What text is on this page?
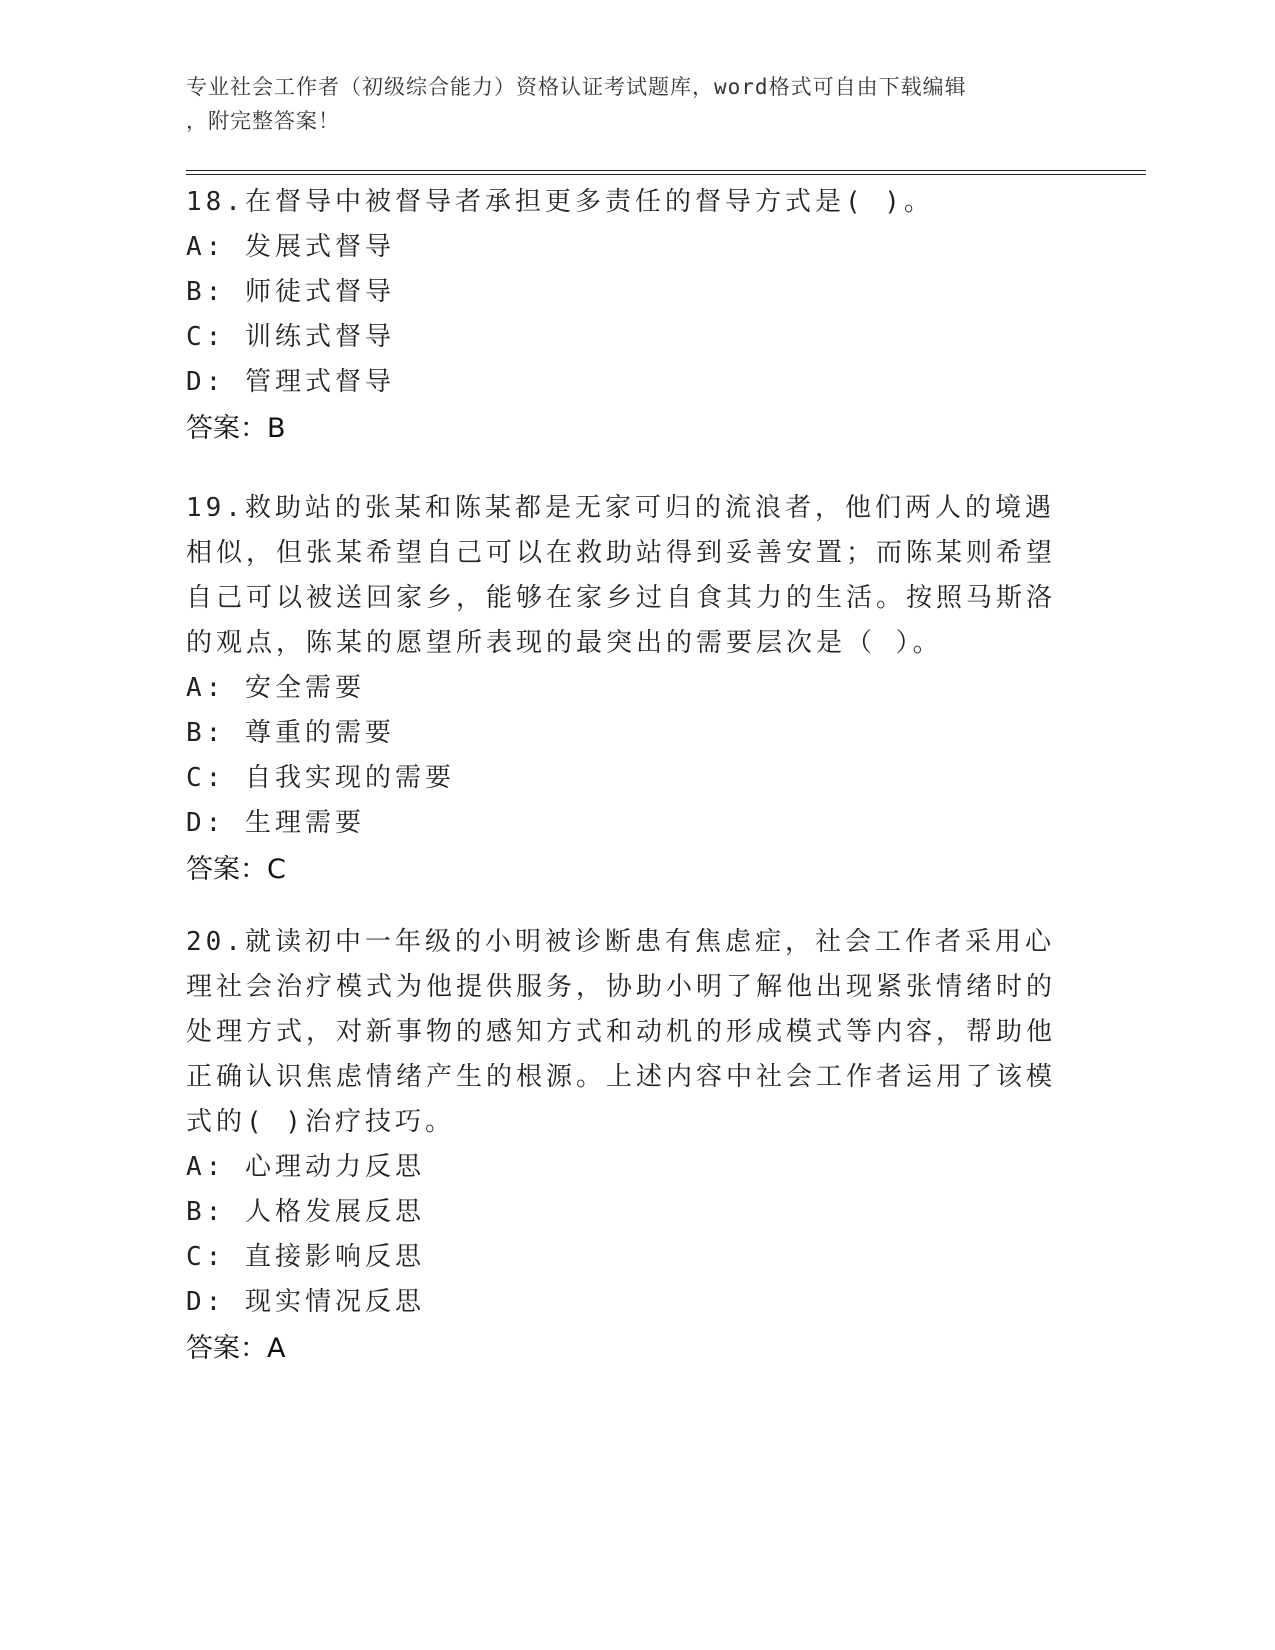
专业社会工作者（初级综合能力）资格认证考试题库，word格式可自由下载编辑
，附完整答案！

18.在督导中被督导者承担更多责任的督导方式是( )。

A: 发展式督导

B: 师徒式督导

C: 训练式督导

D: 管理式督导

答案：B

19.救助站的张某和陈某都是无家可归的流浪者，他们两人的境遇相似，但张某希望自己可以在救助站得到妥善安置；而陈某则希望自己可以被送回家乡，能够在家乡过自食其力的生活。按照马斯洛的观点，陈某的愿望所表现的最突出的需要层次是（ ）。

A: 安全需要

B: 尊重的需要

C: 自我实现的需要

D: 生理需要

答案：C

20.就读初中一年级的小明被诊断患有焦虑症，社会工作者采用心理社会治疗模式为他提供服务，协助小明了解他出现紧张情绪时的处理方式，对新事物的感知方式和动机的形成模式等内容，帮助他正确认识焦虑情绪产生的根源。上述内容中社会工作者运用了该模式的( )治疗技巧。

A: 心理动力反思

B: 人格发展反思

C: 直接影响反思

D: 现实情况反思

答案：A
